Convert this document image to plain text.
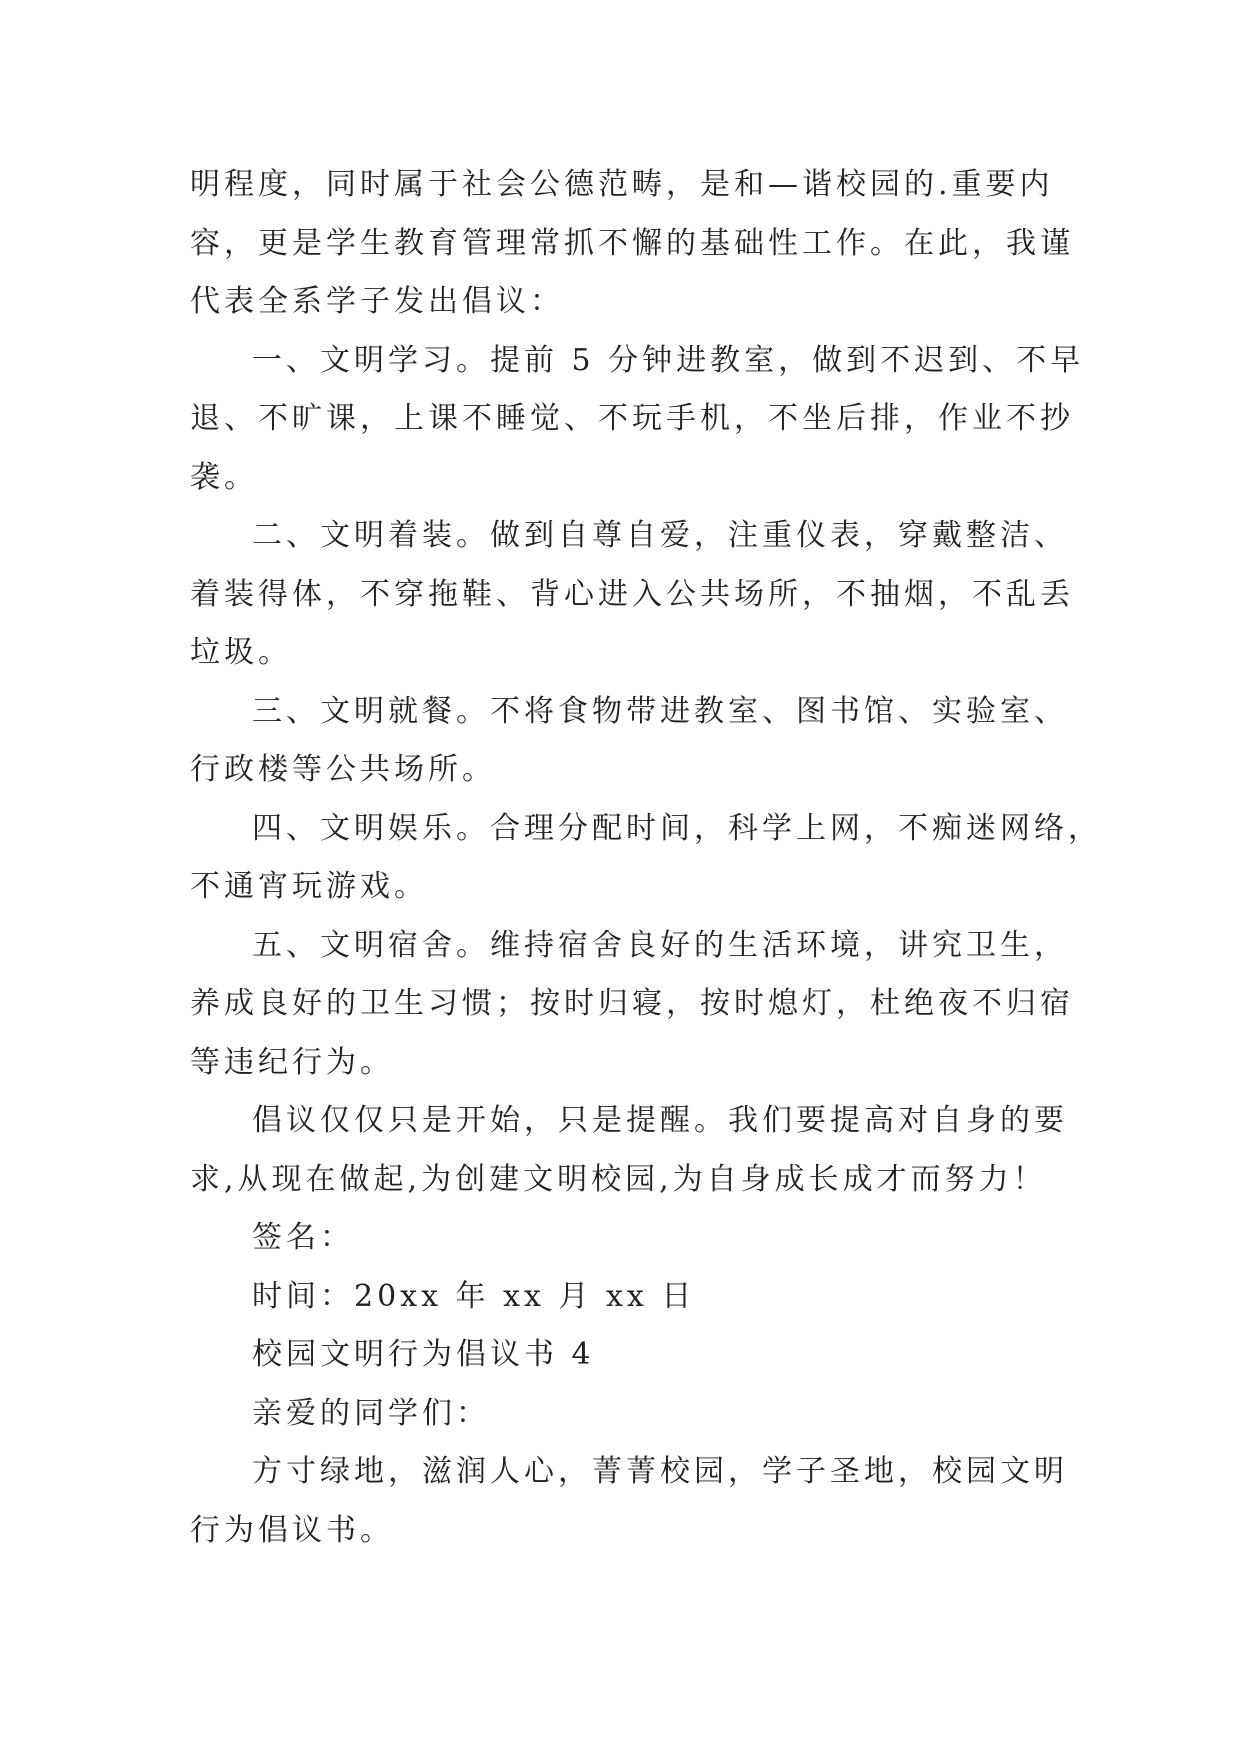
明程度，同时属于社会公德范畴，是和—谐校园的.重要内
容，更是学生教育管理常抓不懈的基础性工作。在此，我谨
代表全系学子发出倡议：
一、文明学习。提前 5 分钟进教室，做到不迟到、不早
退、不旷课，上课不睡觉、不玩手机，不坐后排，作业不抄
袭。
二、文明着装。做到自尊自爱，注重仪表，穿戴整洁、
着装得体，不穿拖鞋、背心进入公共场所，不抽烟，不乱丢
垃圾。
三、文明就餐。不将食物带进教室、图书馆、实验室、
行政楼等公共场所。
四、文明娱乐。合理分配时间，科学上网，不痴迷网络，
不通宵玩游戏。
五、文明宿舍。维持宿舍良好的生活环境，讲究卫生，
养成良好的卫生习惯；按时归寝，按时熄灯，杜绝夜不归宿
等违纪行为。
倡议仅仅只是开始，只是提醒。我们要提高对自身的要
求,从现在做起,为创建文明校园,为自身成长成才而努力！
签名：
时间：20xx 年 xx 月 xx 日
校园文明行为倡议书 4
亲爱的同学们：
方寸绿地，滋润人心，菁菁校园，学子圣地，校园文明
行为倡议书。
